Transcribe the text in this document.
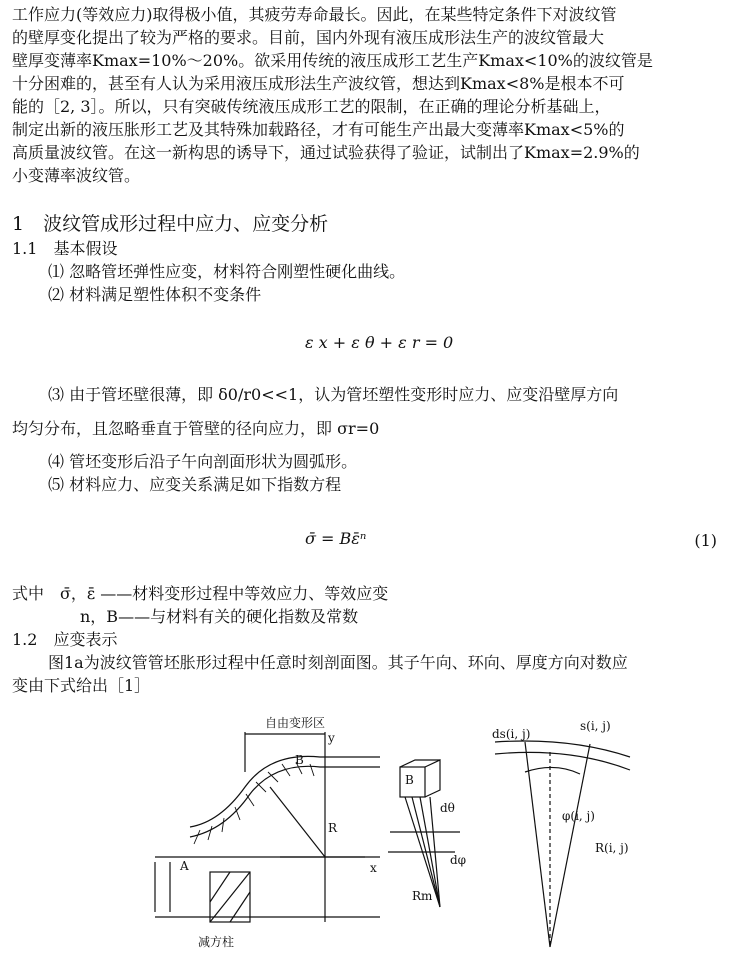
工作应力(等效应力)取得极小值，其疲劳寿命最长。因此，在某些特定条件下对波纹管
的壁厚变化提出了较为严格的要求。目前，国内外现有液压成形法生产的波纹管最大
壁厚变薄率Kmax=10%～20%。欲采用传统的液压成形工艺生产Kmax<10%的波纹管是
十分困难的，甚至有人认为采用液压成形法生产波纹管，想达到Kmax<8%是根本不可
能的［2, 3］。所以，只有突破传统液压成形工艺的限制，在正确的理论分析基础上，
制定出新的液压胀形工艺及其特殊加载路径，才有可能生产出最大变薄率Kmax<5%的
高质量波纹管。在这一新构思的诱导下，通过试验获得了验证，试制出了Kmax=2.9%的
小变薄率波纹管。
1　波纹管成形过程中应力、应变分析
1.1　基本假设
⑴ 忽略管坯弹性应变，材料符合刚塑性硬化曲线。
⑵ 材料满足塑性体积不变条件
ε x + ε θ + ε r = 0
⑶ 由于管坯壁很薄，即 δ0/r0<<1，认为管坯塑性变形时应力、应变沿壁厚方向
均匀分布，且忽略垂直于管壁的径向应力，即 σr=0
⑷ 管坯变形后沿子午向剖面形状为圆弧形。
⑸ 材料应力、应变关系满足如下指数方程
σ̄ = Bε̄ⁿ	(1)
式中　σ̄，ε̄ ——材料变形过程中等效应力、等效应变
n，B——与材料有关的硬化指数及常数
1.2　应变表示
图1a为波纹管管坯胀形过程中任意时刻剖面图。其子午向、环向、厚度方向对数应
变由下式给出［1］
自由变形区
减方柱
B
A
R
y
x
B
dθ
dφ
Rm
ds(i, j)
s(i, j)
φ(i, j)
R(i, j)
